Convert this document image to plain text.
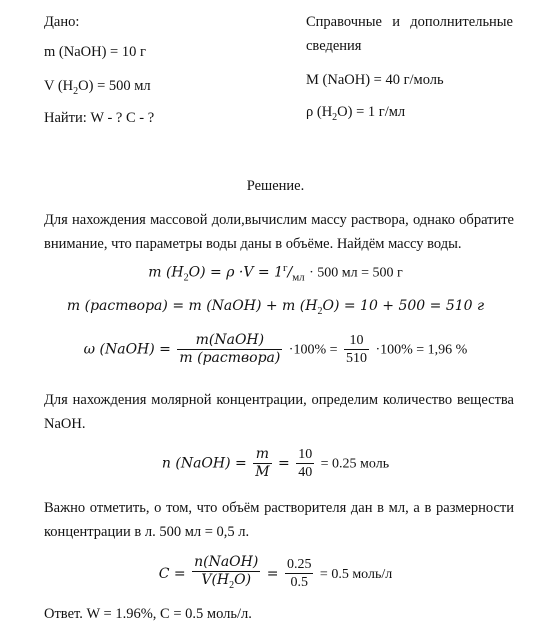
Дано:
m (NaOH) = 10 г
V $(H_2O) = 500$ мл
Найти: W - ? С - ?
Справочные и дополнительные
сведения
М (NaOH) = 40 г/моль
ρ $(H_2O) = 1$ г/мл
Решение.
Для нахождения массовой доли,вычислим массу раствора, однако обратите
внимание, что параметры воды даны в объёме. Найдём массу воды.
m $(H_2O) = \rho \cdot V = 1^г/_{мл} \cdot 500$ мл = 500 г
m (раствора) = m (NaOH) + m $(H_2O) = 10 + 500 = 510$ г
ω (NaOH) = $\frac{\text{m(NaOH)}}{\text{m (раствора)}} \cdot 100\% = \frac{10}{510} \cdot 100\% = 1,96$ %
Для нахождения молярной концентрации, определим количество вещества
NaOH.
n (NaOH) = $\frac{m}{M} = \frac{10}{40} = 0.25$ моль
Важно отметить, о том, что объём растворителя дан в мл, а в размерности
концентрации в л. 500 мл = 0,5 л.
$C = \frac{\text{n(NaOH)}}{V(H_2O)} = \frac{0.25}{0.5} = 0.5$ моль/л
Ответ. W = 1.96%, С = 0.5 моль/л.
